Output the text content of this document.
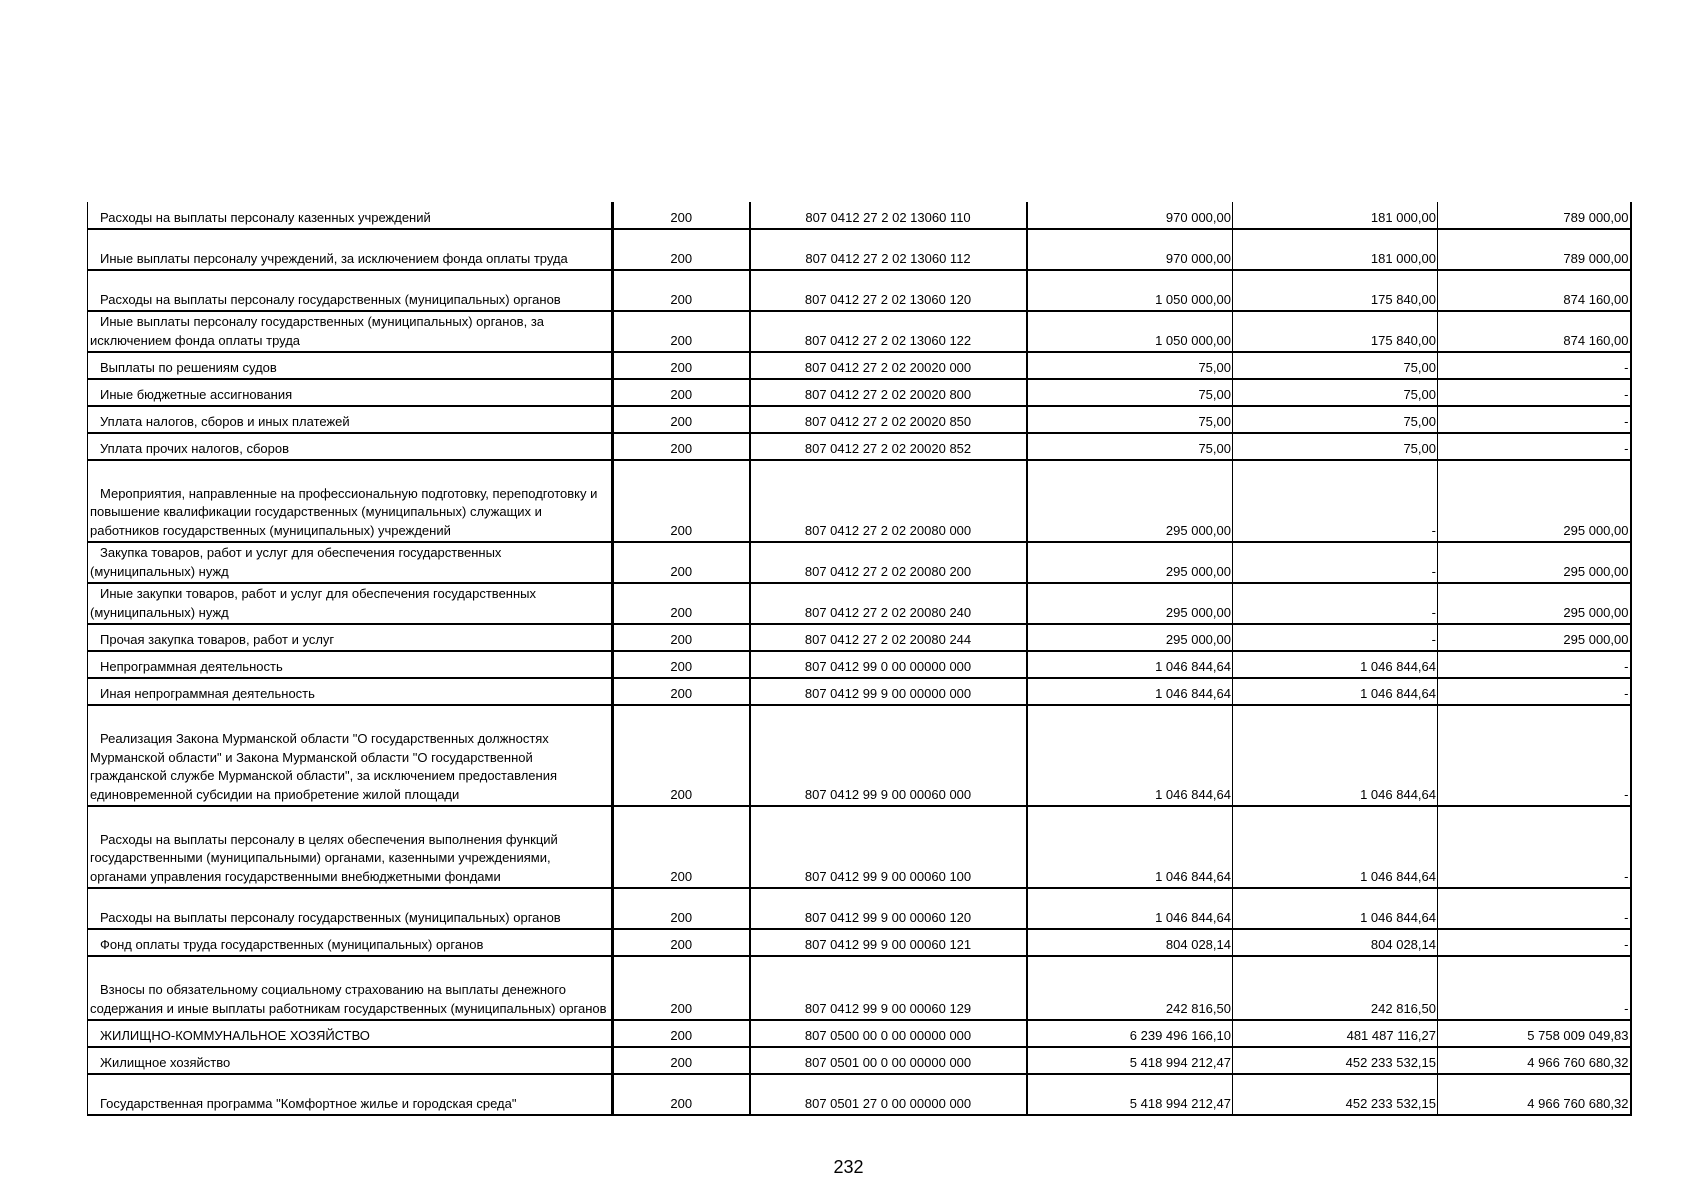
Расходы на выплаты персоналу казенных учреждений	200	807 0412 27 2 02 13060 110	970 000,00	181 000,00	789 000,00
Иные выплаты персоналу учреждений, за исключением фонда оплаты труда	200	807 0412 27 2 02 13060 112	970 000,00	181 000,00	789 000,00
Расходы на выплаты персоналу государственных (муниципальных) органов	200	807 0412 27 2 02 13060 120	1 050 000,00	175 840,00	874 160,00
Иные выплаты персоналу государственных (муниципальных) органов, за исключением фонда оплаты труда	200	807 0412 27 2 02 13060 122	1 050 000,00	175 840,00	874 160,00
Выплаты по решениям судов	200	807 0412 27 2 02 20020 000	75,00	75,00	-
Иные бюджетные ассигнования	200	807 0412 27 2 02 20020 800	75,00	75,00	-
Уплата налогов, сборов и иных платежей	200	807 0412 27 2 02 20020 850	75,00	75,00	-
Уплата прочих налогов, сборов	200	807 0412 27 2 02 20020 852	75,00	75,00	-
Мероприятия, направленные на профессиональную подготовку, переподготовку и повышение квалификации государственных (муниципальных) служащих и работников государственных (муниципальных) учреждений	200	807 0412 27 2 02 20080 000	295 000,00	-	295 000,00
Закупка товаров, работ и услуг для обеспечения государственных (муниципальных) нужд	200	807 0412 27 2 02 20080 200	295 000,00	-	295 000,00
Иные закупки товаров, работ и услуг для обеспечения государственных (муниципальных) нужд	200	807 0412 27 2 02 20080 240	295 000,00	-	295 000,00
Прочая закупка товаров, работ и услуг	200	807 0412 27 2 02 20080 244	295 000,00	-	295 000,00
Непрограммная деятельность	200	807 0412 99 0 00 00000 000	1 046 844,64	1 046 844,64	-
Иная непрограммная деятельность	200	807 0412 99 9 00 00000 000	1 046 844,64	1 046 844,64	-
Реализация Закона Мурманской области "О государственных должностях Мурманской области" и Закона Мурманской области "О государственной гражданской службе Мурманской области", за исключением предоставления единовременной субсидии на приобретение жилой площади	200	807 0412 99 9 00 00060 000	1 046 844,64	1 046 844,64	-
Расходы на выплаты персоналу в целях обеспечения выполнения функций государственными (муниципальными) органами, казенными учреждениями, органами управления государственными внебюджетными фондами	200	807 0412 99 9 00 00060 100	1 046 844,64	1 046 844,64	-
Расходы на выплаты персоналу государственных (муниципальных) органов	200	807 0412 99 9 00 00060 120	1 046 844,64	1 046 844,64	-
Фонд оплаты труда государственных (муниципальных) органов	200	807 0412 99 9 00 00060 121	804 028,14	804 028,14	-
Взносы по обязательному социальному страхованию на выплаты денежного содержания и иные выплаты работникам государственных (муниципальных) органов	200	807 0412 99 9 00 00060 129	242 816,50	242 816,50	-
ЖИЛИЩНО-КОММУНАЛЬНОЕ ХОЗЯЙСТВО	200	807 0500 00 0 00 00000 000	6 239 496 166,10	481 487 116,27	5 758 009 049,83
Жилищное хозяйство	200	807 0501 00 0 00 00000 000	5 418 994 212,47	452 233 532,15	4 966 760 680,32
Государственная программа "Комфортное жилье и городская среда"	200	807 0501 27 0 00 00000 000	5 418 994 212,47	452 233 532,15	4 966 760 680,32
232
